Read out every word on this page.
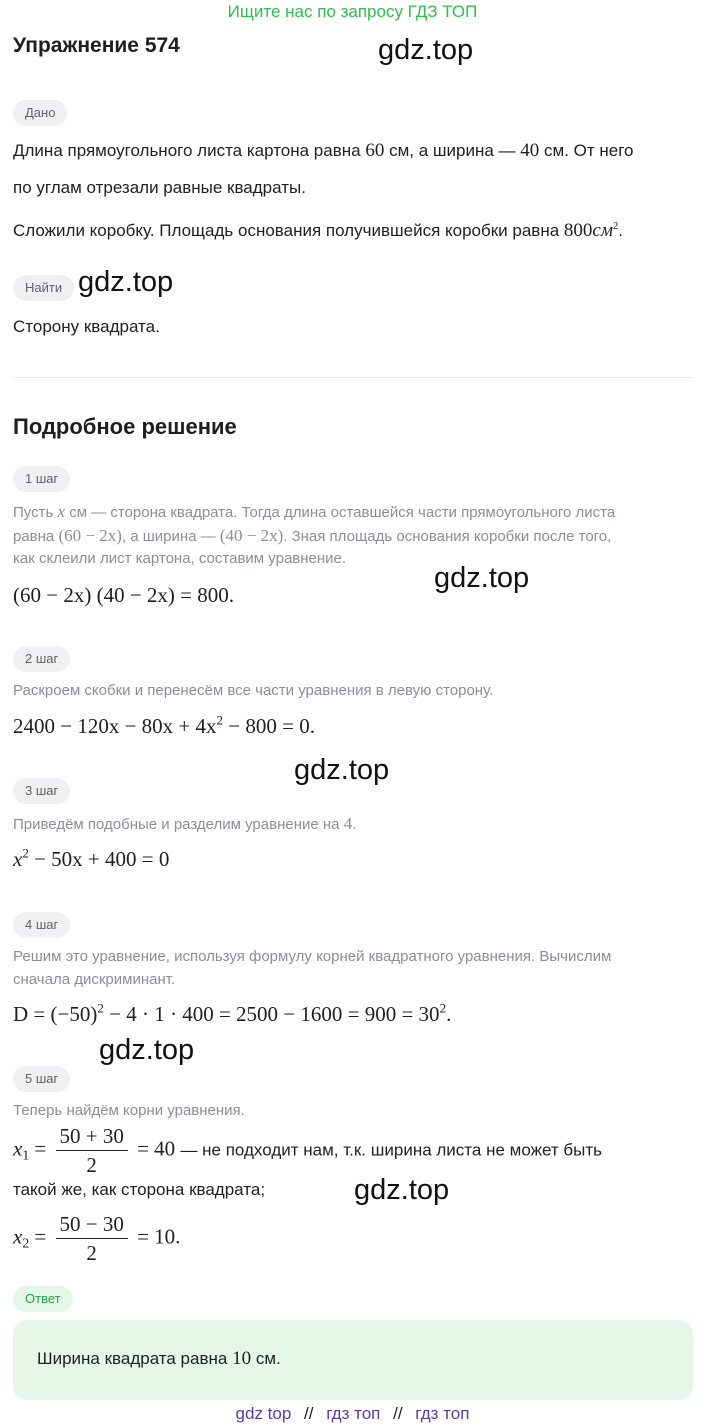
Ищите нас по запросу ГДЗ ТОП
Упражнение 574	gdz.top
gdz.top
gdz.top
gdz.top
gdz.top
gdz.top
Дано
Длина прямоугольного листа картона равна 60 см, а ширина — 40 см. От него
по углам отрезали равные квадраты.
Сложили коробку. Площадь основания получившейся коробки равна $800см^2$.
Найти
Сторону квадрата.
Подробное решение
1 шаг
Пусть x см — сторона квадрата. Тогда длина оставшейся части прямоугольного листа
равна (60 − 2x), а ширина — (40 − 2x). Зная площадь основания коробки после того,
как склеили лист картона, составим уравнение.
(60 − 2x) (40 − 2x) = 800.
2 шаг
Раскроем скобки и перенесём все части уравнения в левую сторону.
$2400 - 120x - 80x + 4x^2 - 800 = 0$.
3 шаг
Приведём подобные и разделим уравнение на 4.
$x^2 - 50x + 400 = 0$
4 шаг
Решим это уравнение, используя формулу корней квадратного уравнения. Вычислим
сначала дискриминант.
$D = (-50)^2 - 4 \cdot 1 \cdot 400 = 2500 - 1600 = 900 = 30^2$.
5 шаг
Теперь найдём корни уравнения.
$x_1 = \frac{50 + 30}{2} = 40$ — не подходит нам, т.к. ширина листа не может быть
такой же, как сторона квадрата;
$x_2 = \frac{50 - 30}{2} = 10$.
Ответ
Ширина квадрата равна 10 см.
gdz top // гдз топ // гдз топ
